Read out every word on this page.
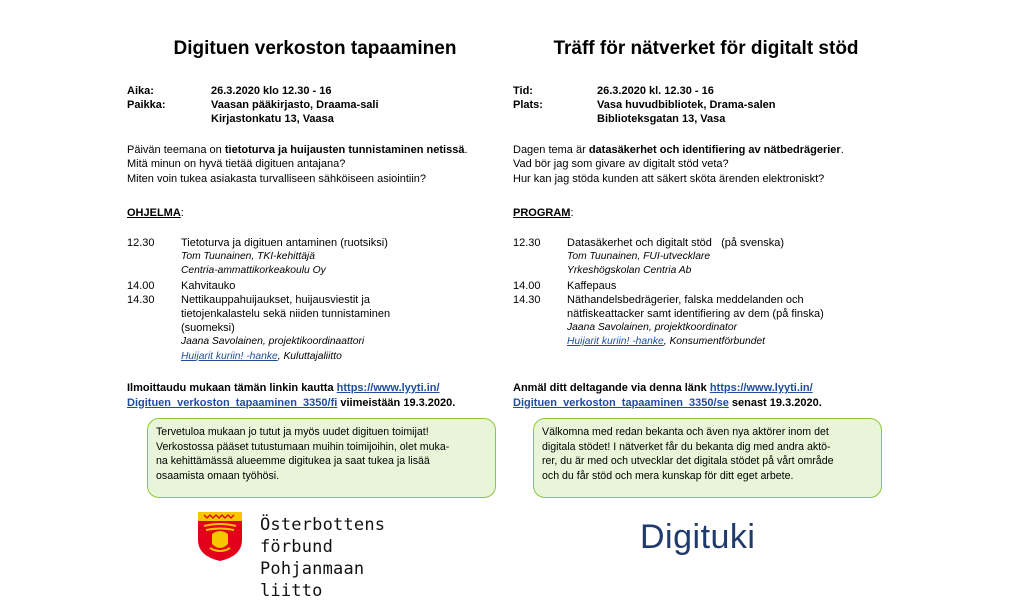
Digituen verkoston tapaaminen
Aika:	26.3.2020 klo 12.30 - 16
Paikka:	Vaasan pääkirjasto, Draama-sali
Kirjastonkatu 13, Vaasa
Päivän teemana on tietoturva ja huijausten tunnistaminen netissä.
Mitä minun on hyvä tietää digituen antajana?
Miten voin tukea asiakasta turvalliseen sähköiseen asiointiin?
OHJELMA:
12.30	Tietoturva ja digituen antaminen (ruotsiksi)
Tom Tuunainen, TKI-kehittäjä
Centria-ammattikorkeakoulu Oy
14.00	Kahvitauko
14.30	Nettikauppahuijaukset, huijausviestit ja
tietojenkalastelu sekä niiden tunnistaminen
(suomeksi)
Jaana Savolainen, projektikoordinaattori
Huijarit kuriin! -hanke, Kuluttajaliitto
Ilmoittaudu mukaan tämän linkin kautta https://www.lyyti.in/
Digituen_verkoston_tapaaminen_3350/fi viimeistään 19.3.2020.
Tervetuloa mukaan jo tutut ja myös uudet digituen toimijat!
Verkostossa pääset tutustumaan muihin toimijoihin, olet muka-
na kehittämässä alueemme digitukea ja saat tukea ja lisää
osaamista omaan työhösi.
Träff för nätverket för digitalt stöd
Tid:	26.3.2020 kl. 12.30 - 16
Plats:	Vasa huvudbibliotek, Drama-salen
Biblioteksgatan 13, Vasa
Dagen tema är datasäkerhet och identifiering av nätbedrägerier.
Vad bör jag som givare av digitalt stöd veta?
Hur kan jag stöda kunden att säkert sköta ärenden elektroniskt?
PROGRAM:
12.30	Datasäkerhet och digitalt stöd   (på svenska)
Tom Tuunainen, FUI-utvecklare
Yrkeshögskolan Centria Ab
14.00	Kaffepaus
14.30	Näthandelsbedrägerier, falska meddelanden och
nätfiskeattacker samt identifiering av dem (på finska)
Jaana Savolainen, projektkoordinator
Huijarit kuriin! -hanke, Konsumentförbundet
Anmäl ditt deltagande via denna länk https://www.lyyti.in/
Digituen_verkoston_tapaaminen_3350/se senast 19.3.2020.
Välkomna med redan bekanta och även nya aktörer inom det
digitala stödet! I nätverket får du bekanta dig med andra aktö-
rer, du är med och utvecklar det digitala stödet på vårt område
och du får stöd och mera kunskap för ditt eget arbete.
Österbottens förbund
Pohjanmaan liitto
Digituki
